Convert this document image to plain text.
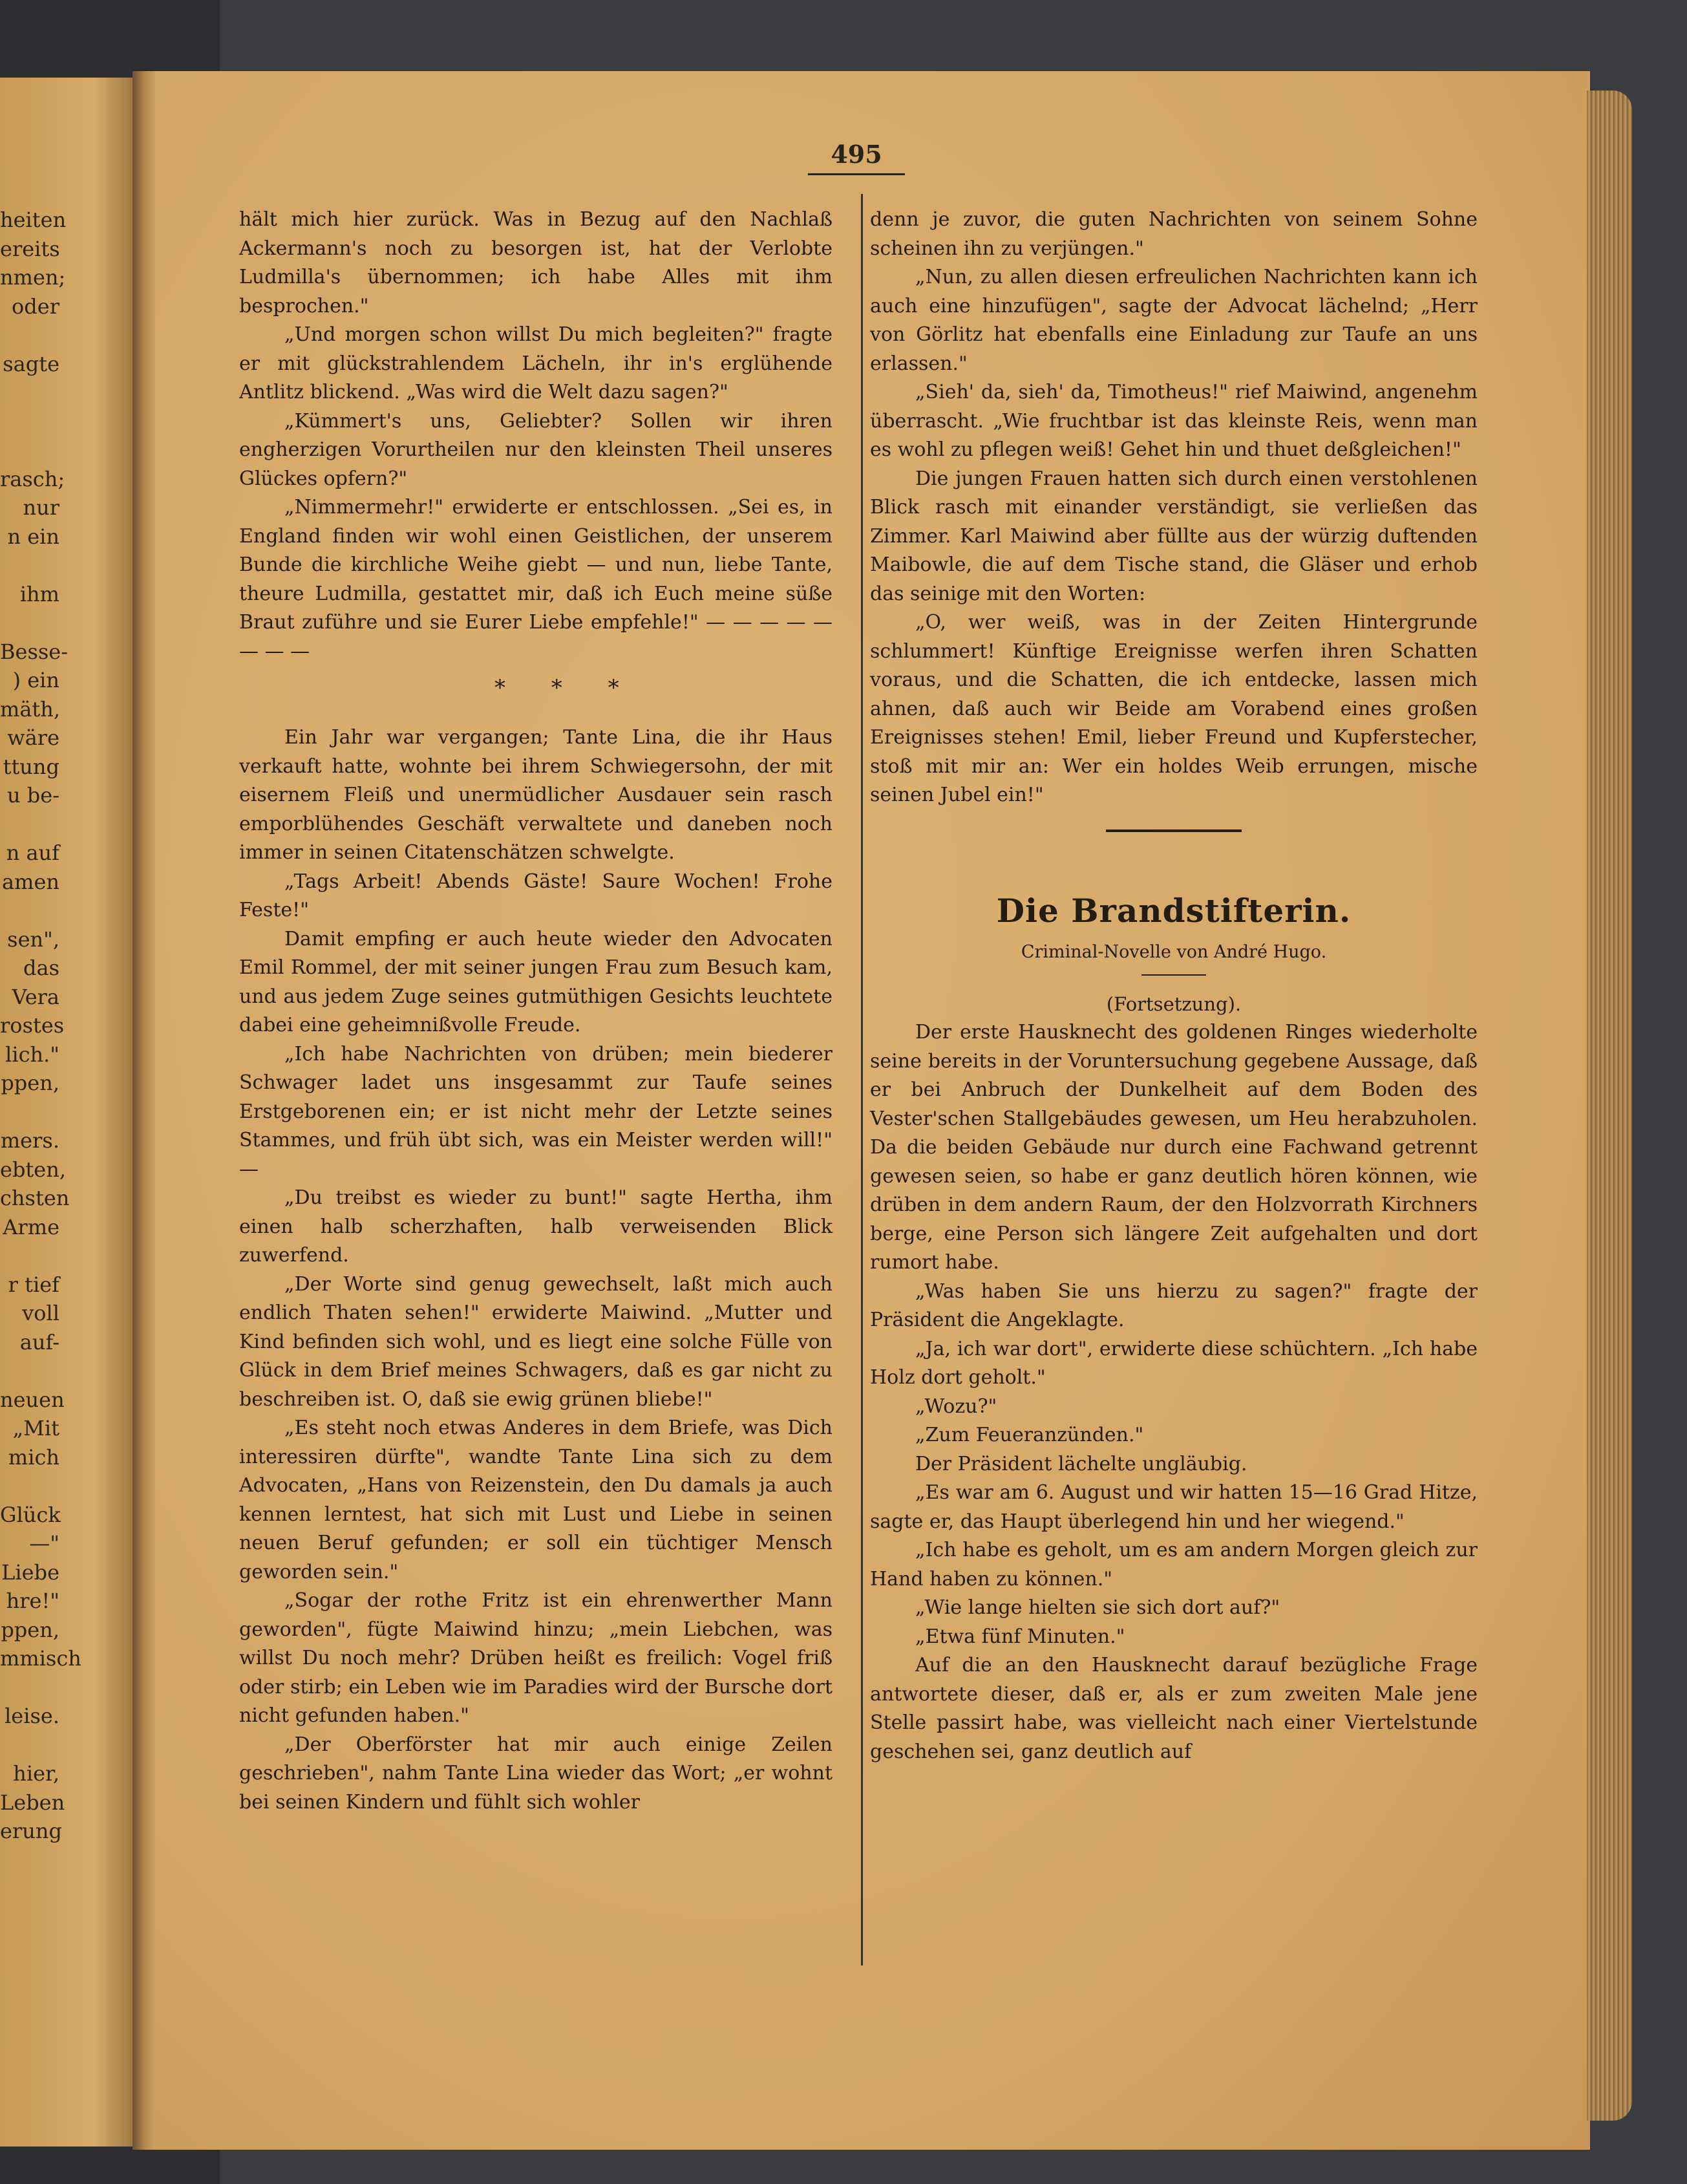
heiten
ereits
nmen;
oder
sagte
rasch;
nur
n ein
ihm
Besse-
) ein
mäth,
wäre
ttung
u be-
n auf
amen
sen",
das
Vera
rostes
lich."
ppen,
mers.
ebten,
chsten
Arme
r tief
voll
auf-
neuen
„Mit
mich
Glück
—"
Liebe
hre!"
ppen,
mmisch
leise.
hier,
Leben
erung
495

hält mich hier zurück. Was in Bezug auf den Nachlaß Ackermann's noch zu besorgen ist, hat der Verlobte Ludmilla's übernommen; ich habe Alles mit ihm besprochen."

„Und morgen schon willst Du mich begleiten?" fragte er mit glückstrahlendem Lächeln, ihr in's erglühende Antlitz blickend. „Was wird die Welt dazu sagen?"

„Kümmert's uns, Geliebter? Sollen wir ihren engherzigen Vorurtheilen nur den kleinsten Theil unseres Glückes opfern?"

„Nimmermehr!" erwiderte er entschlossen. „Sei es, in England finden wir wohl einen Geistlichen, der unserem Bunde die kirchliche Weihe giebt — und nun, liebe Tante, theure Ludmilla, gestattet mir, daß ich Euch meine süße Braut zuführe und sie Eurer Liebe empfehle!" — — — — — — — —

* * *

Ein Jahr war vergangen; Tante Lina, die ihr Haus verkauft hatte, wohnte bei ihrem Schwiegersohn, der mit eisernem Fleiß und unermüdlicher Ausdauer sein rasch emporblühendes Geschäft verwaltete und daneben noch immer in seinen Citatenschätzen schwelgte.

„Tags Arbeit! Abends Gäste! Saure Wochen! Frohe Feste!"

Damit empfing er auch heute wieder den Advocaten Emil Rommel, der mit seiner jungen Frau zum Besuch kam, und aus jedem Zuge seines gutmüthigen Gesichts leuchtete dabei eine geheimnißvolle Freude.

„Ich habe Nachrichten von drüben; mein biederer Schwager ladet uns insgesammt zur Taufe seines Erstgeborenen ein; er ist nicht mehr der Letzte seines Stammes, und früh übt sich, was ein Meister werden will!" —

„Du treibst es wieder zu bunt!" sagte Hertha, ihm einen halb scherzhaften, halb verweisenden Blick zuwerfend.

„Der Worte sind genug gewechselt, laßt mich auch endlich Thaten sehen!" erwiderte Maiwind. „Mutter und Kind befinden sich wohl, und es liegt eine solche Fülle von Glück in dem Brief meines Schwagers, daß es gar nicht zu beschreiben ist. O, daß sie ewig grünen bliebe!"

„Es steht noch etwas Anderes in dem Briefe, was Dich interessiren dürfte", wandte Tante Lina sich zu dem Advocaten, „Hans von Reizenstein, den Du damals ja auch kennen lerntest, hat sich mit Lust und Liebe in seinen neuen Beruf gefunden; er soll ein tüchtiger Mensch geworden sein."

„Sogar der rothe Fritz ist ein ehrenwerther Mann geworden", fügte Maiwind hinzu; „mein Liebchen, was willst Du noch mehr? Drüben heißt es freilich: Vogel friß oder stirb; ein Leben wie im Paradies wird der Bursche dort nicht gefunden haben."

„Der Oberförster hat mir auch einige Zeilen geschrieben", nahm Tante Lina wieder das Wort; „er wohnt bei seinen Kindern und fühlt sich wohler

denn je zuvor, die guten Nachrichten von seinem Sohne scheinen ihn zu verjüngen."

„Nun, zu allen diesen erfreulichen Nachrichten kann ich auch eine hinzufügen", sagte der Advocat lächelnd; „Herr von Görlitz hat ebenfalls eine Einladung zur Taufe an uns erlassen."

„Sieh' da, sieh' da, Timotheus!" rief Maiwind, angenehm überrascht. „Wie fruchtbar ist das kleinste Reis, wenn man es wohl zu pflegen weiß! Gehet hin und thuet deßgleichen!"

Die jungen Frauen hatten sich durch einen verstohlenen Blick rasch mit einander verständigt, sie verließen das Zimmer. Karl Maiwind aber füllte aus der würzig duftenden Maibowle, die auf dem Tische stand, die Gläser und erhob das seinige mit den Worten:

„O, wer weiß, was in der Zeiten Hintergrunde schlummert! Künftige Ereignisse werfen ihren Schatten voraus, und die Schatten, die ich entdecke, lassen mich ahnen, daß auch wir Beide am Vorabend eines großen Ereignisses stehen! Emil, lieber Freund und Kupferstecher, stoß mit mir an: Wer ein holdes Weib errungen, mische seinen Jubel ein!"

Die Brandstifterin.
Criminal-Novelle von André Hugo.
(Fortsetzung).

Der erste Hausknecht des goldenen Ringes wiederholte seine bereits in der Voruntersuchung gegebene Aussage, daß er bei Anbruch der Dunkelheit auf dem Boden des Vester'schen Stallgebäudes gewesen, um Heu herabzuholen. Da die beiden Gebäude nur durch eine Fachwand getrennt gewesen seien, so habe er ganz deutlich hören können, wie drüben in dem andern Raum, der den Holzvorrath Kirchners berge, eine Person sich längere Zeit aufgehalten und dort rumort habe.

„Was haben Sie uns hierzu zu sagen?" fragte der Präsident die Angeklagte.

„Ja, ich war dort", erwiderte diese schüchtern. „Ich habe Holz dort geholt."

„Wozu?"

„Zum Feueranzünden."

Der Präsident lächelte ungläubig.

„Es war am 6. August und wir hatten 15—16 Grad Hitze, sagte er, das Haupt überlegend hin und her wiegend."

„Ich habe es geholt, um es am andern Morgen gleich zur Hand haben zu können."

„Wie lange hielten sie sich dort auf?"

„Etwa fünf Minuten."

Auf die an den Hausknecht darauf bezügliche Frage antwortete dieser, daß er, als er zum zweiten Male jene Stelle passirt habe, was vielleicht nach einer Viertelstunde geschehen sei, ganz deutlich auf
